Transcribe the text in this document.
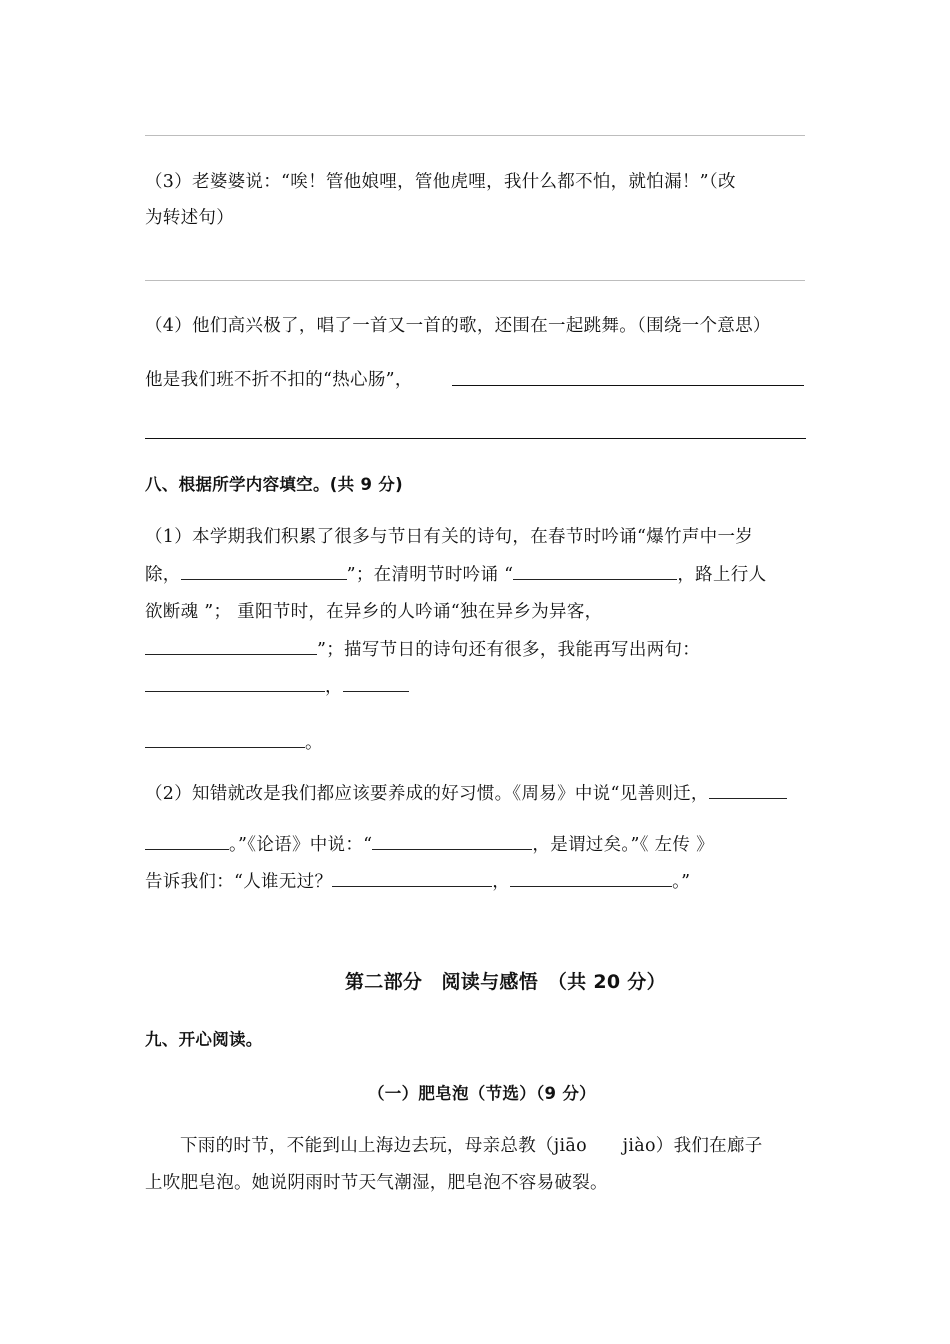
（3）老婆婆说：“唉！管他娘哩，管他虎哩，我什么都不怕，就怕漏！”（改
为转述句）
（4）他们高兴极了，唱了一首又一首的歌，还围在一起跳舞。（围绕一个意思）
他是我们班不折不扣的“热心肠”，
八、根据所学内容填空。(共 9 分)
（1）本学期我们积累了很多与节日有关的诗句，在春节时吟诵“爆竹声中一岁
除，	”；在清明节时吟诵 “	，路上行人
欲断魂 ”； 重阳节时，在异乡的人吟诵“独在异乡为异客，
”；描写节日的诗句还有很多，我能再写出两句：
，
。
（2）知错就改是我们都应该要养成的好习惯。《周易》中说“见善则迁，
。”《论语》中说：“	，是谓过矣。”《 左传 》
告诉我们：“人谁无过？	，	。”
第二部分　阅读与感悟　（共 20 分）
九、开心阅读。
（一）肥皂泡（节选）（9 分）
下雨的时节，不能到山上海边去玩，母亲总教（jiāo　　jiào）我们在廊子
上吹肥皂泡。她说阴雨时节天气潮湿，肥皂泡不容易破裂。
